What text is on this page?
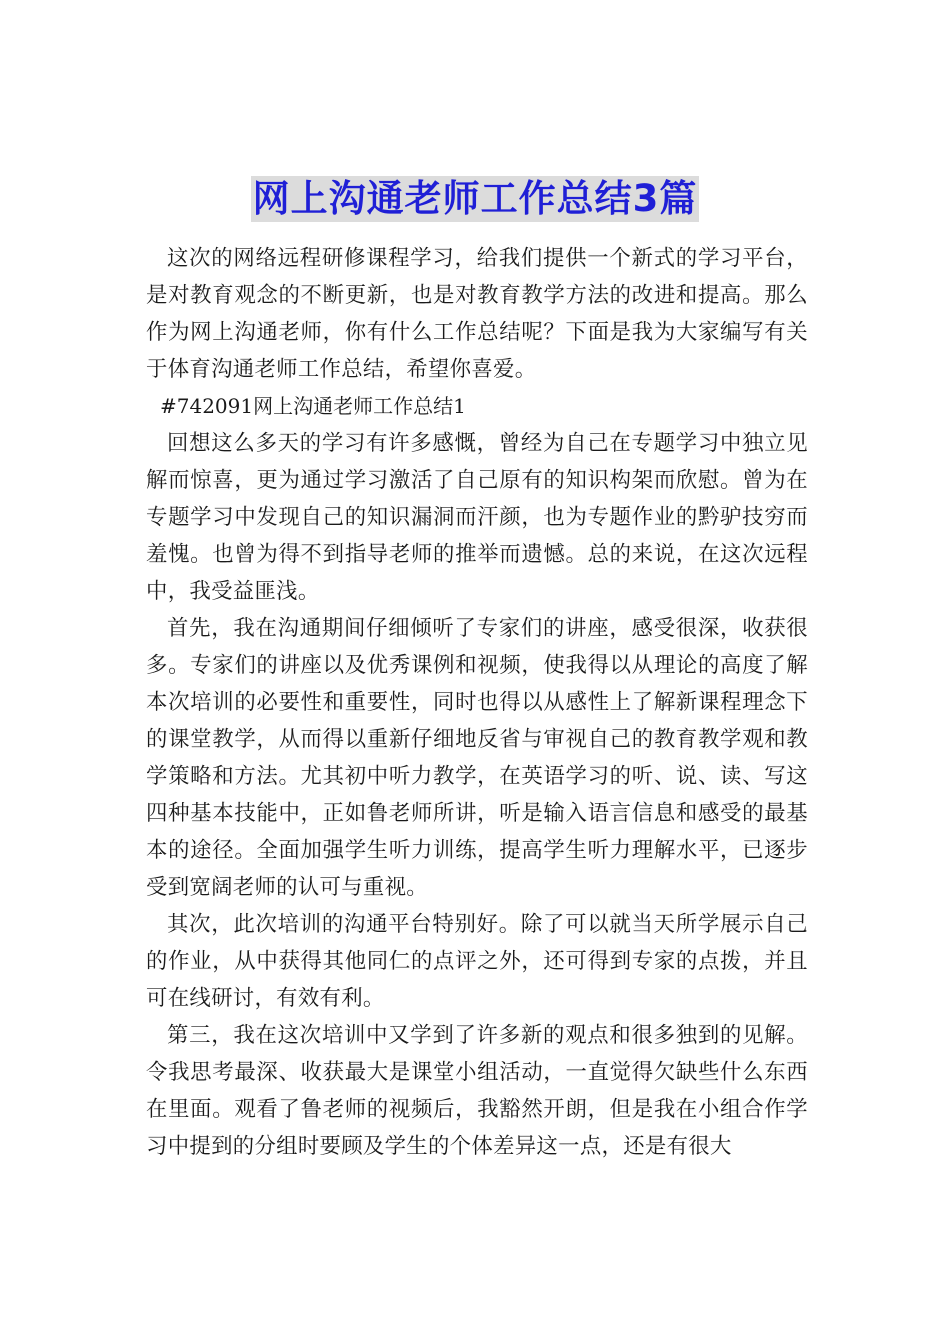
网上沟通老师工作总结3篇

这次的网络远程研修课程学习，给我们提供一个新式的学习平台，是对教育观念的不断更新，也是对教育教学方法的改进和提高。那么作为网上沟通老师，你有什么工作总结呢？下面是我为大家编写有关于体育沟通老师工作总结，希望你喜爱。

#742091网上沟通老师工作总结1

回想这么多天的学习有许多感慨，曾经为自己在专题学习中独立见解而惊喜，更为通过学习激活了自己原有的知识构架而欣慰。曾为在专题学习中发现自己的知识漏洞而汗颜，也为专题作业的黔驴技穷而羞愧。也曾为得不到指导老师的推举而遗憾。总的来说，在这次远程中，我受益匪浅。

首先，我在沟通期间仔细倾听了专家们的讲座，感受很深，收获很多。专家们的讲座以及优秀课例和视频，使我得以从理论的高度了解本次培训的必要性和重要性，同时也得以从感性上了解新课程理念下的课堂教学，从而得以重新仔细地反省与审视自己的教育教学观和教学策略和方法。尤其初中听力教学，在英语学习的听、说、读、写这四种基本技能中，正如鲁老师所讲，听是输入语言信息和感受的最基本的途径。全面加强学生听力训练，提高学生听力理解水平，已逐步受到宽阔老师的认可与重视。

其次，此次培训的沟通平台特别好。除了可以就当天所学展示自己的作业，从中获得其他同仁的点评之外，还可得到专家的点拨，并且可在线研讨，有效有利。

第三，我在这次培训中又学到了许多新的观点和很多独到的见解。令我思考最深、收获最大是课堂小组活动，一直觉得欠缺些什么东西在里面。观看了鲁老师的视频后，我豁然开朗，但是我在小组合作学习中提到的分组时要顾及学生的个体差异这一点，还是有很大
